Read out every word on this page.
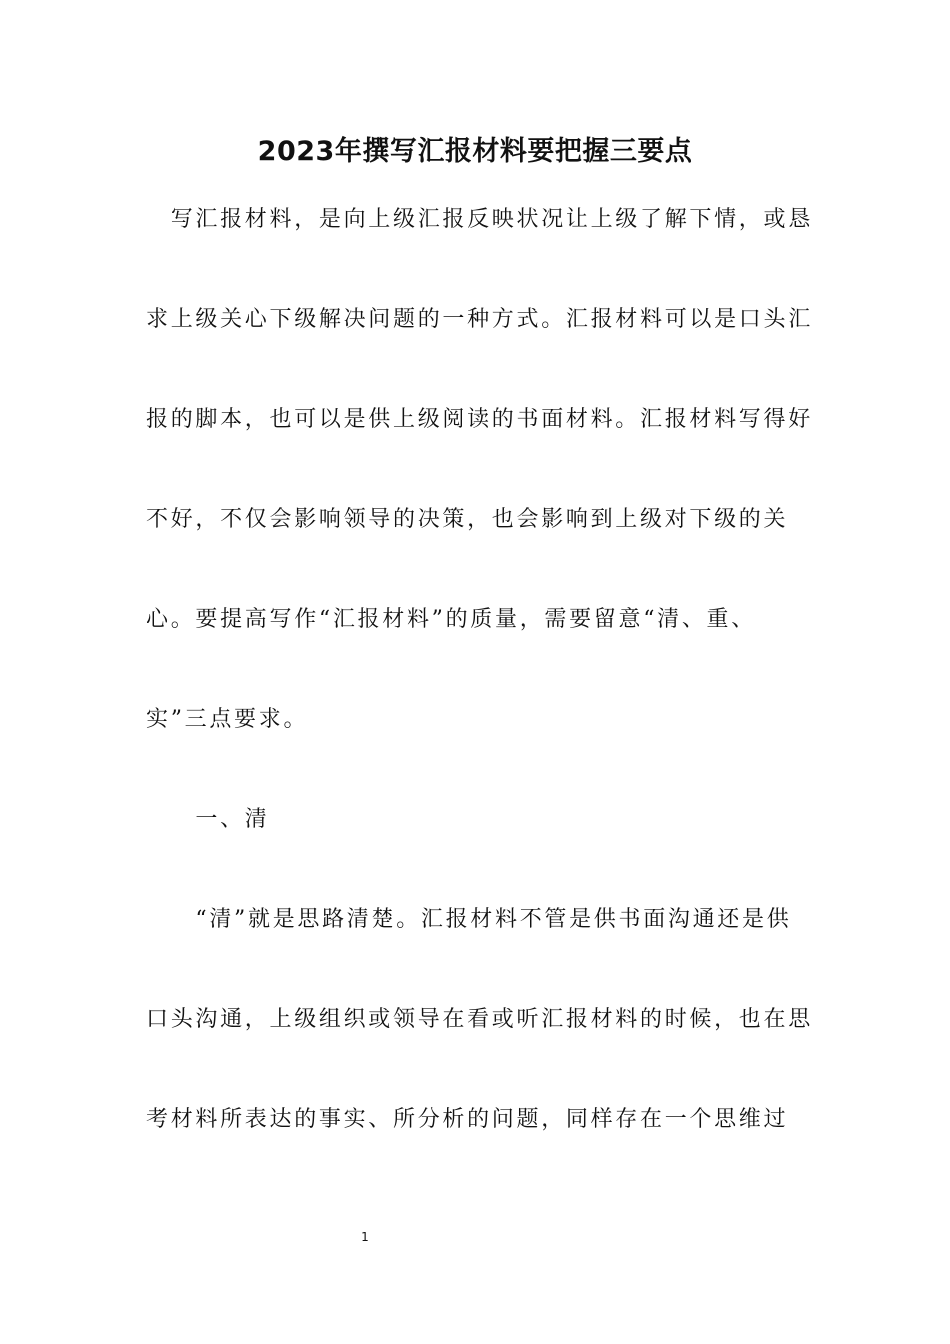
2023年撰写汇报材料要把握三要点
　写汇报材料，是向上级汇报反映状况让上级了解下情，或恳
求上级关心下级解决问题的一种方式。汇报材料可以是口头汇
报的脚本，也可以是供上级阅读的书面材料。汇报材料写得好
不好，不仅会影响领导的决策，也会影响到上级对下级的关
心。要提高写作“汇报材料”的质量，需要留意“清、重、
实”三点要求。
　　一、清
　　“清”就是思路清楚。汇报材料不管是供书面沟通还是供
口头沟通，上级组织或领导在看或听汇报材料的时候，也在思
考材料所表达的事实、所分析的问题，同样存在一个思维过
1
